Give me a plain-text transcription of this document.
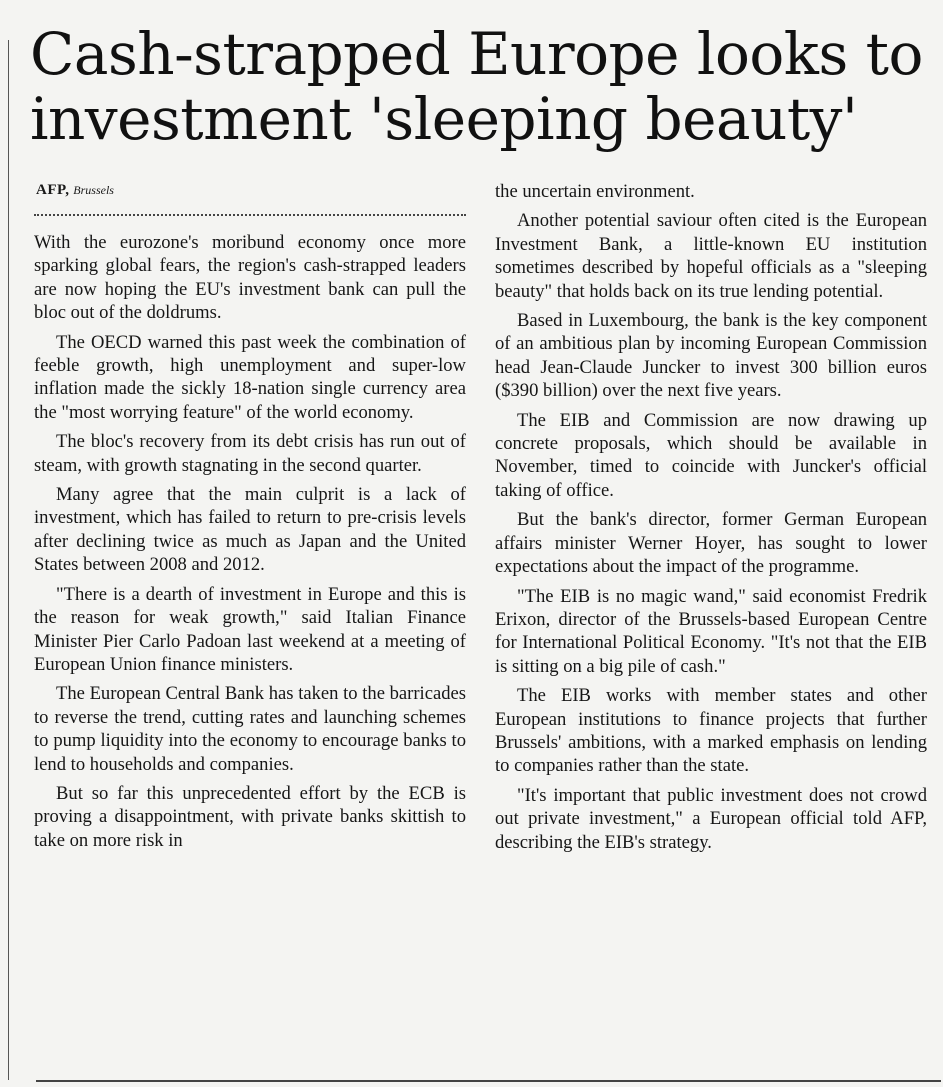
Cash-strapped Europe looks to investment 'sleeping beauty'
AFP, Brussels

With the eurozone's moribund economy once more sparking global fears, the region's cash-strapped leaders are now hoping the EU's investment bank can pull the bloc out of the doldrums.

The OECD warned this past week the combination of feeble growth, high unemployment and super-low inflation made the sickly 18-nation single currency area the "most worrying feature" of the world economy.

The bloc's recovery from its debt crisis has run out of steam, with growth stagnating in the second quarter.

Many agree that the main culprit is a lack of investment, which has failed to return to pre-crisis levels after declining twice as much as Japan and the United States between 2008 and 2012.

"There is a dearth of investment in Europe and this is the reason for weak growth," said Italian Finance Minister Pier Carlo Padoan last weekend at a meeting of European Union finance ministers.

The European Central Bank has taken to the barricades to reverse the trend, cutting rates and launching schemes to pump liquidity into the economy to encourage banks to lend to households and companies.

But so far this unprecedented effort by the ECB is proving a disappointment, with private banks skittish to take on more risk in

the uncertain environment.

Another potential saviour often cited is the European Investment Bank, a little-known EU institution sometimes described by hopeful officials as a "sleeping beauty" that holds back on its true lending potential.

Based in Luxembourg, the bank is the key component of an ambitious plan by incoming European Commission head Jean-Claude Juncker to invest 300 billion euros ($390 billion) over the next five years.

The EIB and Commission are now drawing up concrete proposals, which should be available in November, timed to coincide with Juncker's official taking of office.

But the bank's director, former German European affairs minister Werner Hoyer, has sought to lower expectations about the impact of the programme.

"The EIB is no magic wand," said economist Fredrik Erixon, director of the Brussels-based European Centre for International Political Economy. "It's not that the EIB is sitting on a big pile of cash."

The EIB works with member states and other European institutions to finance projects that further Brussels' ambitions, with a marked emphasis on lending to companies rather than the state.

"It's important that public investment does not crowd out private investment," a European official told AFP, describing the EIB's strategy.
